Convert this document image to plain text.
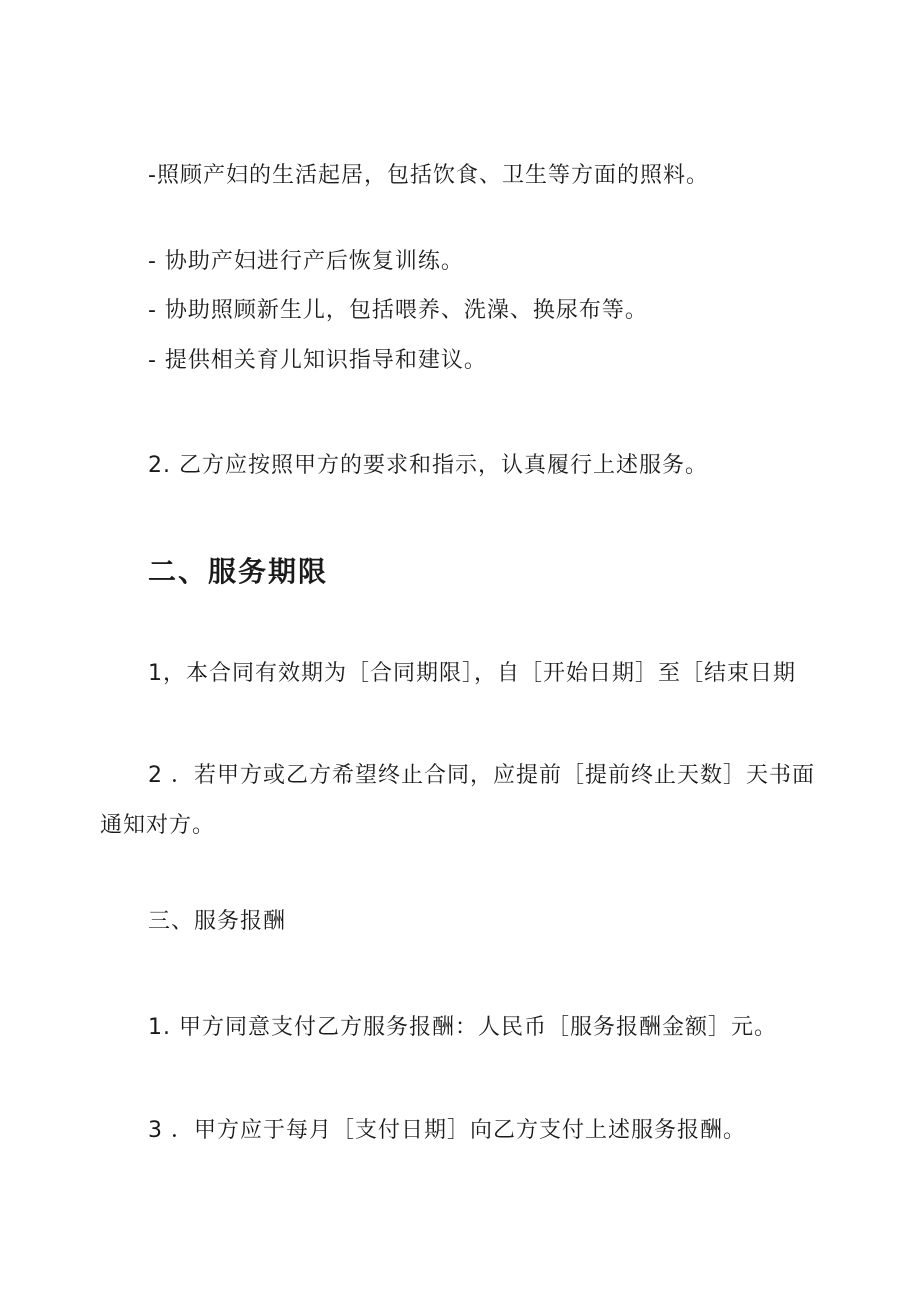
-照顾产妇的生活起居，包括饮食、卫生等方面的照料。
- 协助产妇进行产后恢复训练。
- 协助照顾新生儿，包括喂养、洗澡、换尿布等。
- 提供相关育儿知识指导和建议。
2. 乙方应按照甲方的要求和指示，认真履行上述服务。
二、服务期限
1，本合同有效期为［合同期限］，自［开始日期］至［结束日期
2 ．若甲方或乙方希望终止合同，应提前［提前终止天数］天书面
通知对方。
三、服务报酬
1. 甲方同意支付乙方服务报酬：人民币［服务报酬金额］元。
3 ．甲方应于每月［支付日期］向乙方支付上述服务报酬。
